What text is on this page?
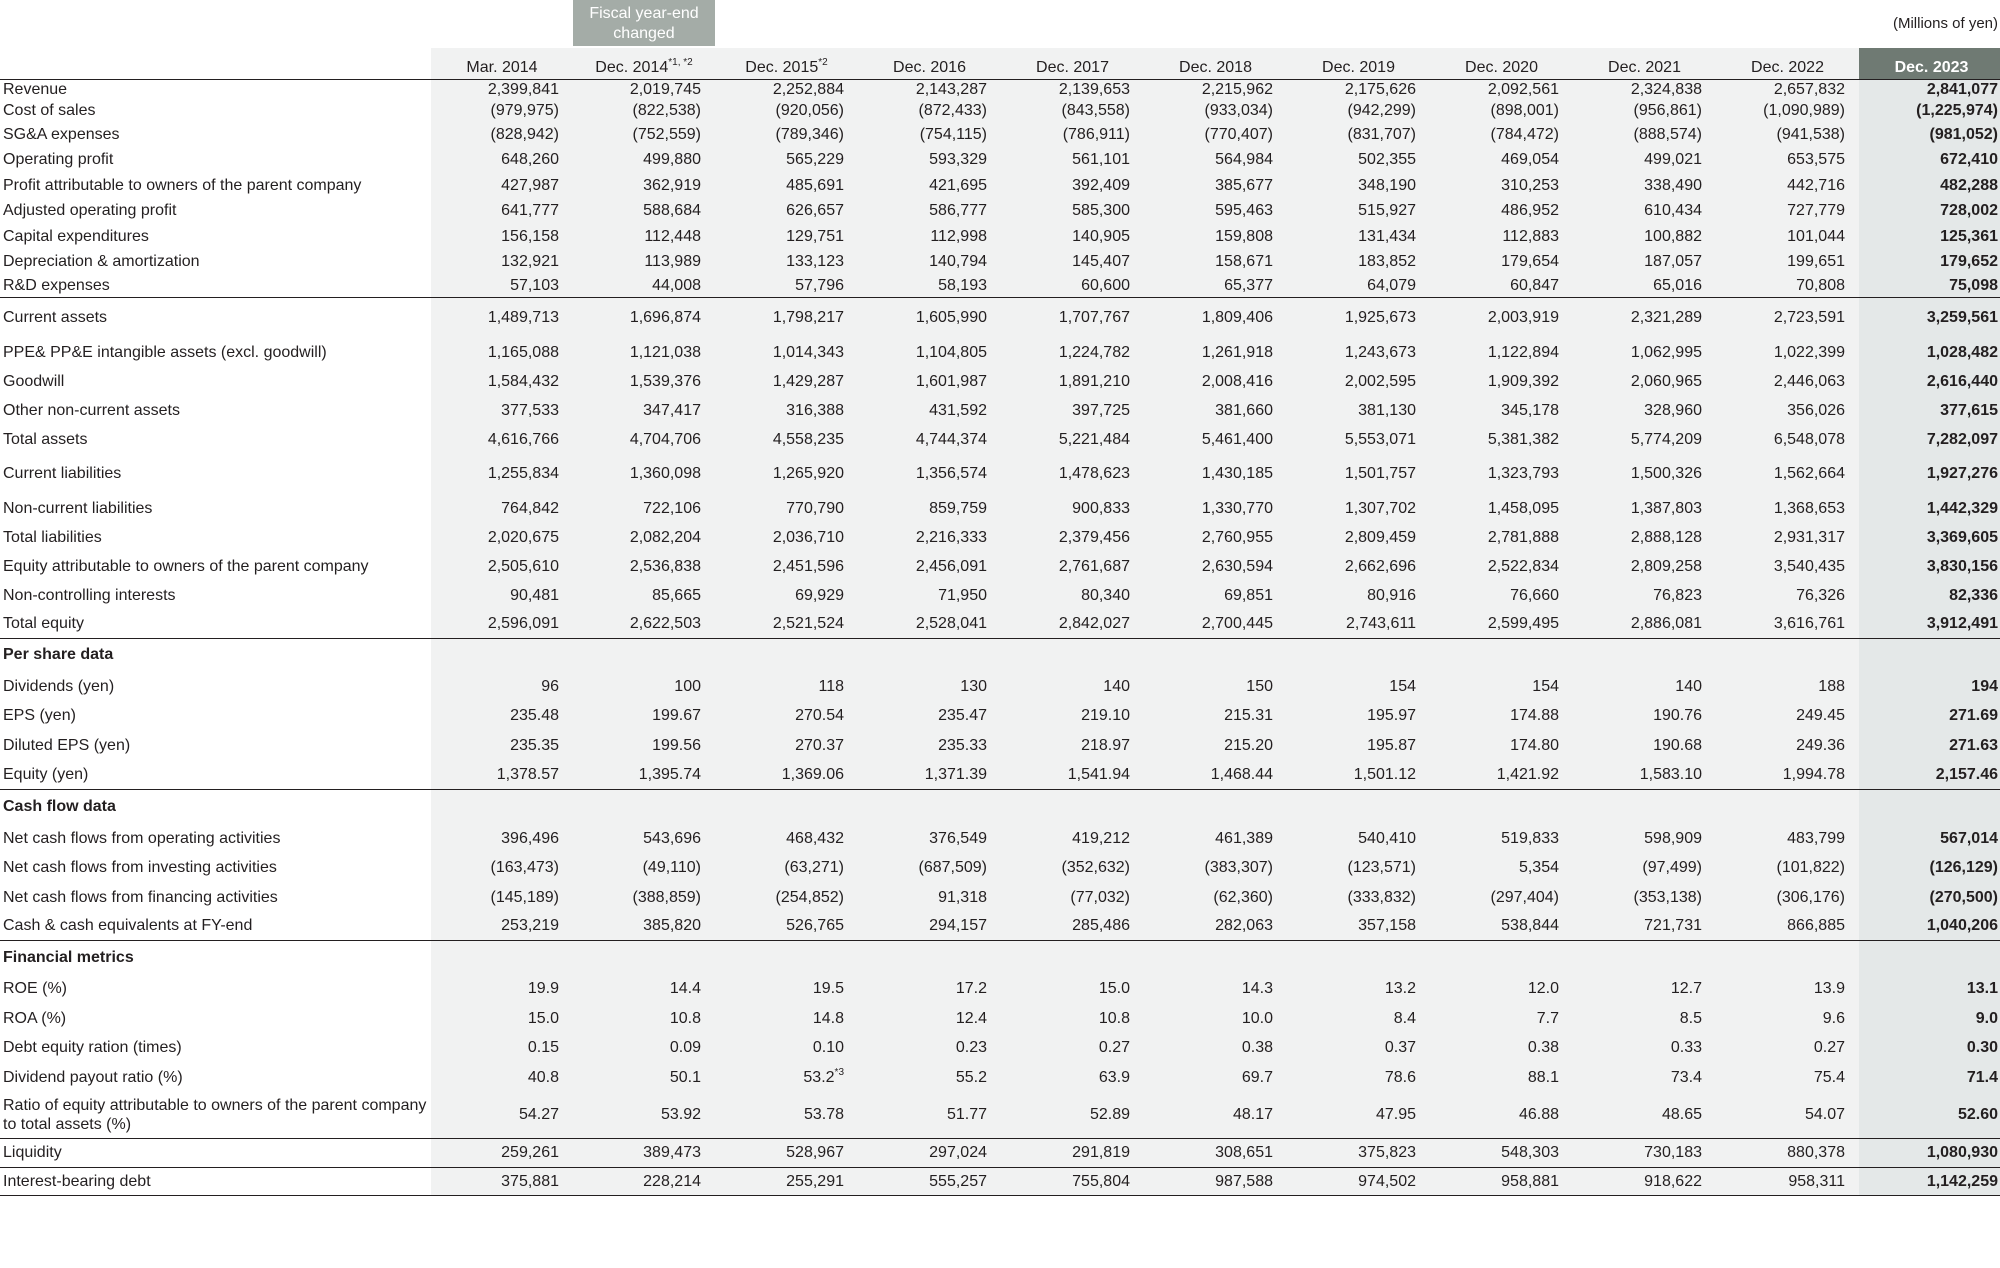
Fiscal year-end
changed
(Millions of yen)
	Mar. 2014	Dec. $2014^{*1, *2}$	Dec. 2015$^{*2}$	Dec. 2016	Dec. 2017	Dec. 2018	Dec. 2019	Dec. 2020	Dec. 2021	Dec. 2022	Dec. 2023
Revenue	2,399,841	2,019,745	2,252,884	2,143,287	2,139,653	2,215,962	2,175,626	2,092,561	2,324,838	2,657,832	2,841,077
Cost of sales	(979,975)	(822,538)	(920,056)	(872,433)	(843,558)	(933,034)	(942,299)	(898,001)	(956,861)	(1,090,989)	(1,225,974)
SG&A expenses	(828,942)	(752,559)	(789,346)	(754,115)	(786,911)	(770,407)	(831,707)	(784,472)	(888,574)	(941,538)	(981,052)
Operating profit	648,260	499,880	565,229	593,329	561,101	564,984	502,355	469,054	499,021	653,575	672,410
Profit attributable to owners of the parent company	427,987	362,919	485,691	421,695	392,409	385,677	348,190	310,253	338,490	442,716	482,288
Adjusted operating profit	641,777	588,684	626,657	586,777	585,300	595,463	515,927	486,952	610,434	727,779	728,002
Capital expenditures	156,158	112,448	129,751	112,998	140,905	159,808	131,434	112,883	100,882	101,044	125,361
Depreciation & amortization	132,921	113,989	133,123	140,794	145,407	158,671	183,852	179,654	187,057	199,651	179,652
R&D expenses	57,103	44,008	57,796	58,193	60,600	65,377	64,079	60,847	65,016	70,808	75,098
Current assets	1,489,713	1,696,874	1,798,217	1,605,990	1,707,767	1,809,406	1,925,673	2,003,919	2,321,289	2,723,591	3,259,561
PPE& PP&E intangible assets (excl. goodwill)	1,165,088	1,121,038	1,014,343	1,104,805	1,224,782	1,261,918	1,243,673	1,122,894	1,062,995	1,022,399	1,028,482
Goodwill	1,584,432	1,539,376	1,429,287	1,601,987	1,891,210	2,008,416	2,002,595	1,909,392	2,060,965	2,446,063	2,616,440
Other non-current assets	377,533	347,417	316,388	431,592	397,725	381,660	381,130	345,178	328,960	356,026	377,615
Total assets	4,616,766	4,704,706	4,558,235	4,744,374	5,221,484	5,461,400	5,553,071	5,381,382	5,774,209	6,548,078	7,282,097
Current liabilities	1,255,834	1,360,098	1,265,920	1,356,574	1,478,623	1,430,185	1,501,757	1,323,793	1,500,326	1,562,664	1,927,276
Non-current liabilities	764,842	722,106	770,790	859,759	900,833	1,330,770	1,307,702	1,458,095	1,387,803	1,368,653	1,442,329
Total liabilities	2,020,675	2,082,204	2,036,710	2,216,333	2,379,456	2,760,955	2,809,459	2,781,888	2,888,128	2,931,317	3,369,605
Equity attributable to owners of the parent company	2,505,610	2,536,838	2,451,596	2,456,091	2,761,687	2,630,594	2,662,696	2,522,834	2,809,258	3,540,435	3,830,156
Non-controlling interests	90,481	85,665	69,929	71,950	80,340	69,851	80,916	76,660	76,823	76,326	82,336
Total equity	2,596,091	2,622,503	2,521,524	2,528,041	2,842,027	2,700,445	2,743,611	2,599,495	2,886,081	3,616,761	3,912,491
Per share data											
Dividends (yen)	96	100	118	130	140	150	154	154	140	188	194
EPS (yen)	235.48	199.67	270.54	235.47	219.10	215.31	195.97	174.88	190.76	249.45	271.69
Diluted EPS (yen)	235.35	199.56	270.37	235.33	218.97	215.20	195.87	174.80	190.68	249.36	271.63
Equity (yen)	1,378.57	1,395.74	1,369.06	1,371.39	1,541.94	1,468.44	1,501.12	1,421.92	1,583.10	1,994.78	2,157.46
Cash flow data											
Net cash flows from operating activities	396,496	543,696	468,432	376,549	419,212	461,389	540,410	519,833	598,909	483,799	567,014
Net cash flows from investing activities	(163,473)	(49,110)	(63,271)	(687,509)	(352,632)	(383,307)	(123,571)	5,354	(97,499)	(101,822)	(126,129)
Net cash flows from financing activities	(145,189)	(388,859)	(254,852)	91,318	(77,032)	(62,360)	(333,832)	(297,404)	(353,138)	(306,176)	(270,500)
Cash & cash equivalents at FY-end	253,219	385,820	526,765	294,157	285,486	282,063	357,158	538,844	721,731	866,885	1,040,206
Financial metrics											
ROE (%)	19.9	14.4	19.5	17.2	15.0	14.3	13.2	12.0	12.7	13.9	13.1
ROA (%)	15.0	10.8	14.8	12.4	10.8	10.0	8.4	7.7	8.5	9.6	9.0
Debt equity ration (times)	0.15	0.09	0.10	0.23	0.27	0.38	0.37	0.38	0.33	0.27	0.30
Dividend payout ratio (%)	40.8	50.1	53.2$^{*3}$	55.2	63.9	69.7	78.6	88.1	73.4	75.4	71.4
Ratio of equity attributable to owners of the parent company to total assets (%)	54.27	53.92	53.78	51.77	52.89	48.17	47.95	46.88	48.65	54.07	52.60
Liquidity	259,261	389,473	528,967	297,024	291,819	308,651	375,823	548,303	730,183	880,378	1,080,930
Interest-bearing debt	375,881	228,214	255,291	555,257	755,804	987,588	974,502	958,881	918,622	958,311	1,142,259
